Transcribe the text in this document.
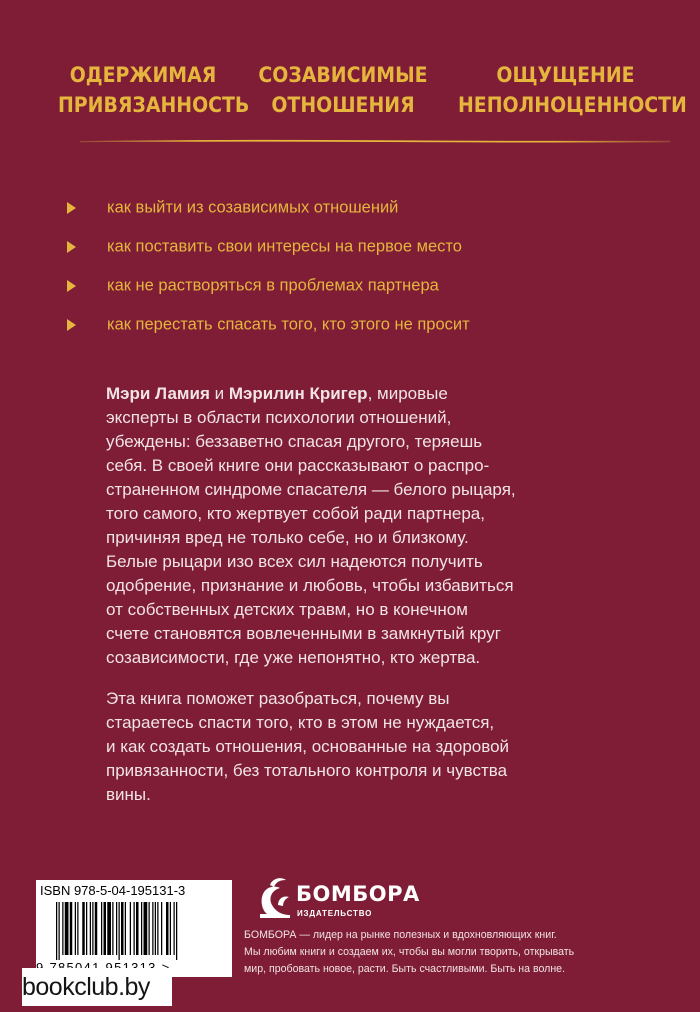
ОДЕРЖИМАЯ
ПРИВЯЗАННОСТЬ
СОЗАВИСИМЫЕ
ОТНОШЕНИЯ
ОЩУЩЕНИЕ
НЕПОЛНОЦЕННОСТИ
как выйти из созависимых отношений
как поставить свои интересы на первое место
как не растворяться в проблемах партнера
как перестать спасать того, кто этого не просит

Мэри Ламия и Мэрилин Кригер, мировые
эксперты в области психологии отношений,
убеждены: беззаветно спасая другого, теряешь
себя. В своей книге они рассказывают о распро-
страненном синдроме спасателя — белого рыцаря,
того самого, кто жертвует собой ради партнера,
причиняя вред не только себе, но и близкому.
Белые рыцари изо всех сил надеются получить
одобрение, признание и любовь, чтобы избавиться
от собственных детских травм, но в конечном
счете становятся вовлеченными в замкнутый круг
созависимости, где уже непонятно, кто жертва.

Эта книга поможет разобраться, почему вы
стараетесь спасти того, кто в этом не нуждается,
и как создать отношения, основанные на здоровой
привязанности, без тотального контроля и чувства
вины.

ISBN 978-5-04-195131-3
bookclub.by
БОМБОРА
ИЗДАТЕЛЬСТВО

БОМБОРА — лидер на рынке полезных и вдохновляющих книг.
Мы любим книги и создаем их, чтобы вы могли творить, открывать
мир, пробовать новое, расти. Быть счастливыми. Быть на волне.
